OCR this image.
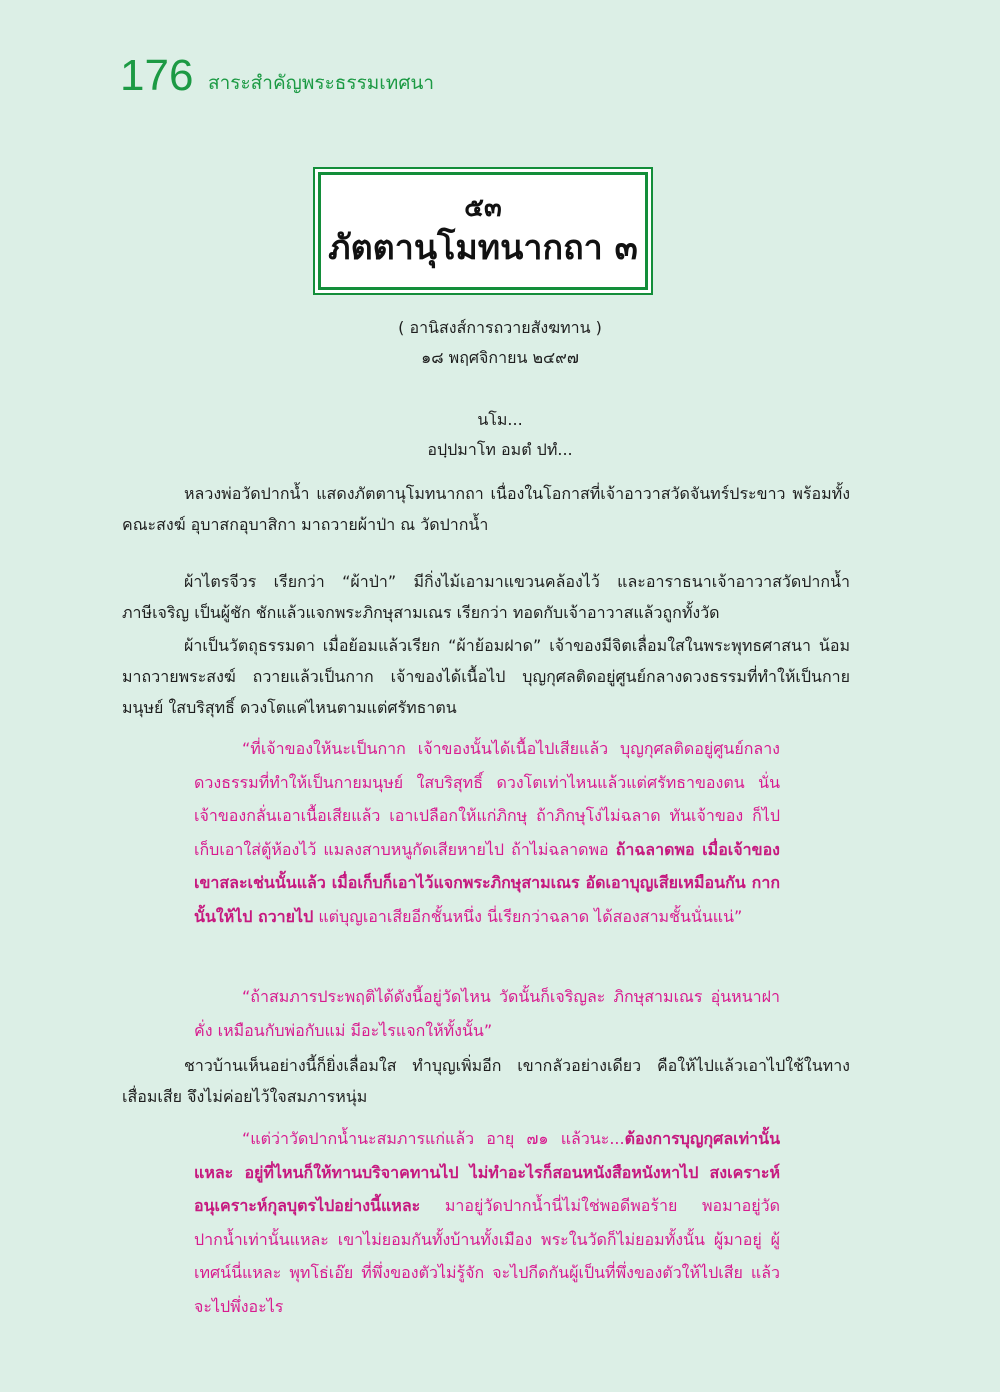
176 สาระสำคัญพระธรรมเทศนา
๕๓
ภัตตานุโมทนากถา ๓
( อานิสงส์การถวายสังฆทาน )
๑๘ พฤศจิกายน ๒๔๙๗
นโม...
อปฺปมาโท อมตํ ปทํ...

หลวงพ่อวัดปากน้ำ แสดงภัตตานุโมทนากถา เนื่องในโอกาสที่เจ้าอาวาสวัดจันทร์ประขาว พร้อมทั้งคณะสงฆ์ อุบาสกอุบาสิกา มาถวายผ้าป่า ณ วัดปากน้ำ

ผ้าไตรจีวร เรียกว่า “ผ้าป่า” มีกิ่งไม้เอามาแขวนคล้องไว้ และอาราธนาเจ้าอาวาสวัดปากน้ำ ภาษีเจริญ เป็นผู้ชัก ชักแล้วแจกพระภิกษุสามเณร เรียกว่า ทอดกับเจ้าอาวาสแล้วถูกทั้งวัด

ผ้าเป็นวัตถุธรรมดา เมื่อย้อมแล้วเรียก “ผ้าย้อมฝาด” เจ้าของมีจิตเลื่อมใสในพระพุทธศาสนา น้อมมาถวายพระสงฆ์ ถวายแล้วเป็นกาก เจ้าของได้เนื้อไป บุญกุศลติดอยู่ศูนย์กลางดวงธรรมที่ทำให้เป็นกายมนุษย์ ใสบริสุทธิ์ ดวงโตแค่ไหนตามแต่ศรัทธาตน

“ที่เจ้าของให้นะเป็นกาก เจ้าของนั้นได้เนื้อไปเสียแล้ว บุญกุศลติดอยู่ศูนย์กลางดวงธรรมที่ทำให้เป็นกายมนุษย์ ใสบริสุทธิ์ ดวงโตเท่าไหนแล้วแต่ศรัทธาของตน นั่นเจ้าของกลั่นเอาเนื้อเสียแล้ว เอาเปลือกให้แก่ภิกษุ ถ้าภิกษุโง่ไม่ฉลาด ทันเจ้าของ ก็ไปเก็บเอาใส่ตู้ห้องไว้ แมลงสาบหนูกัดเสียหายไป ถ้าไม่ฉลาดพอ ถ้าฉลาดพอ เมื่อเจ้าของเขาสละเช่นนั้นแล้ว เมื่อเก็บก็เอาไว้แจกพระภิกษุสามเณร อัดเอาบุญเสียเหมือนกัน กากนั้นให้ไป ถวายไป แต่บุญเอาเสียอีกชั้นหนึ่ง นี่เรียกว่าฉลาด ได้สองสามชั้นนั่นแน่”

“ถ้าสมภารประพฤติได้ดังนี้อยู่วัดไหน วัดนั้นก็เจริญละ ภิกษุสามเณร อุ่นหนาฝาคั่ง เหมือนกับพ่อกับแม่ มีอะไรแจกให้ทั้งนั้น”

ชาวบ้านเห็นอย่างนี้ก็ยิ่งเลื่อมใส ทำบุญเพิ่มอีก เขากลัวอย่างเดียว คือให้ไปแล้วเอาไปใช้ในทางเสื่อมเสีย จึงไม่ค่อยไว้ใจสมภารหนุ่ม

“แต่ว่าวัดปากน้ำนะสมภารแก่แล้ว อายุ ๗๑ แล้วนะ...ต้องการบุญกุศลเท่านั้นแหละ อยู่ที่ไหนก็ให้ทานบริจาคทานไป ไม่ทำอะไรก็สอนหนังสือหนังหาไป สงเคราะห์อนุเคราะห์กุลบุตรไปอย่างนี้แหละ มาอยู่วัดปากน้ำนี่ไม่ใช่พอดีพอร้าย พอมาอยู่วัดปากน้ำเท่านั้นแหละ เขาไม่ยอมกันทั้งบ้านทั้งเมือง พระในวัดก็ไม่ยอมทั้งนั้น ผู้มาอยู่ ผู้เทศน์นี่แหละ พุทโธ่เอ๊ย ที่พึ่งของตัวไม่รู้จัก จะไปกีดกันผู้เป็นที่พึ่งของตัวให้ไปเสีย แล้วจะไปพึ่งอะไร
